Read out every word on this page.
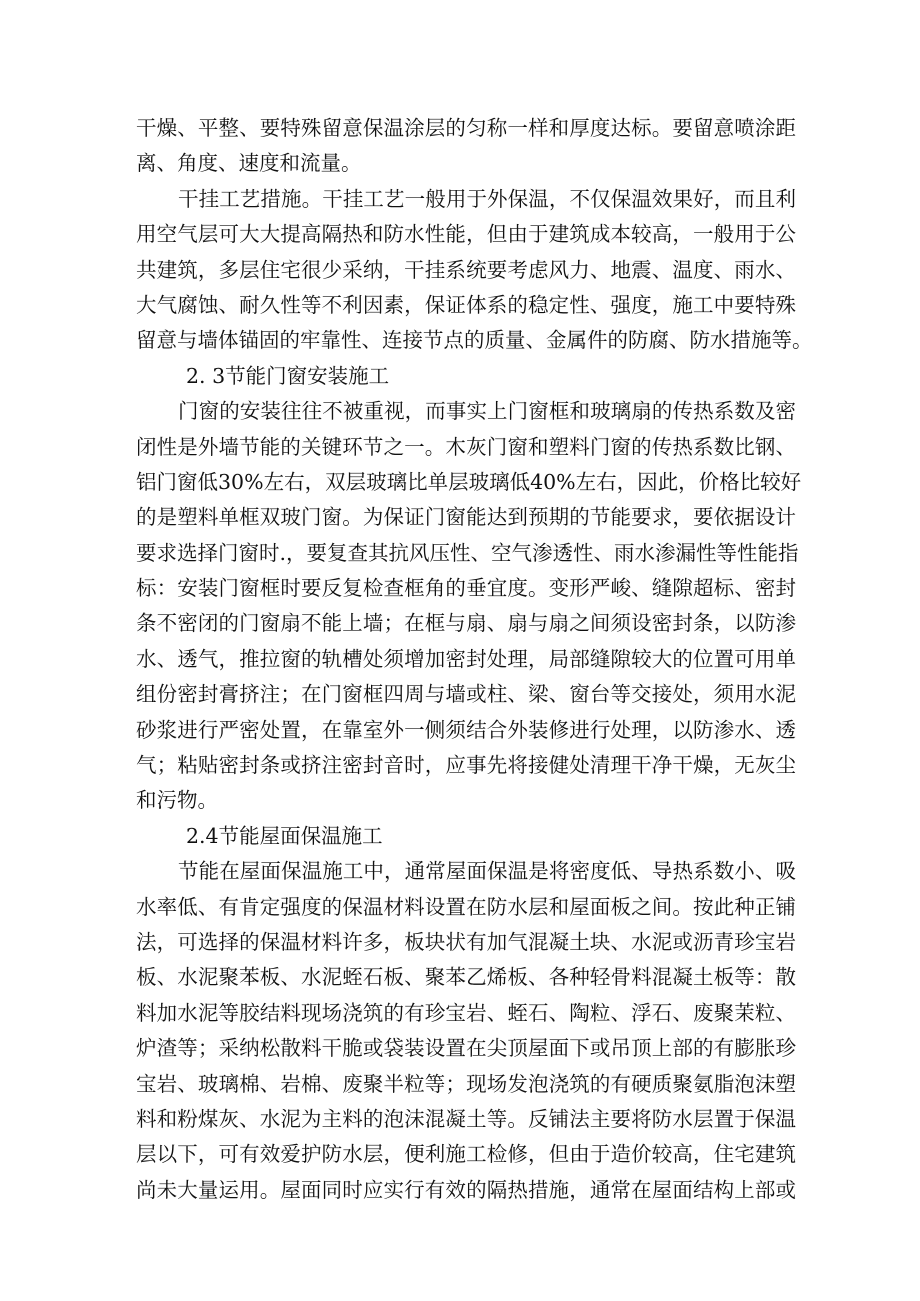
干燥、平整、要特殊留意保温涂层的匀称一样和厚度达标。要留意喷涂距
离、角度、速度和流量。
干挂工艺措施。干挂工艺一般用于外保温，不仅保温效果好，而且利
用空气层可大大提高隔热和防水性能，但由于建筑成本较高，一般用于公
共建筑，多层住宅很少采纳，干挂系统要考虑风力、地震、温度、雨水、
大气腐蚀、耐久性等不利因素，保证体系的稳定性、强度，施工中要特殊
留意与墙体锚固的牢靠性、连接节点的质量、金属件的防腐、防水措施等。
2. 3节能门窗安装施工
门窗的安装往往不被重视，而事实上门窗框和玻璃扇的传热系数及密
闭性是外墙节能的关键环节之一。木灰门窗和塑料门窗的传热系数比钢、
铝门窗低30%左右，双层玻璃比单层玻璃低40%左右，因此，价格比较好
的是塑料单框双玻门窗。为保证门窗能达到预期的节能要求，要依据设计
要求选择门窗时.，要复查其抗风压性、空气渗透性、雨水渗漏性等性能指
标：安装门窗框时要反复检查框角的垂宜度。变形严峻、缝隙超标、密封
条不密闭的门窗扇不能上墙；在框与扇、扇与扇之间须设密封条，以防渗
水、透气，推拉窗的轨槽处须增加密封处理，局部缝隙较大的位置可用单
组份密封膏挤注；在门窗框四周与墙或柱、梁、窗台等交接处，须用水泥
砂浆进行严密处置，在靠室外一侧须结合外装修进行处理，以防渗水、透
气；粘贴密封条或挤注密封音时，应事先将接健处清理干净干燥，无灰尘
和污物。
2.4节能屋面保温施工
节能在屋面保温施工中，通常屋面保温是将密度低、导热系数小、吸
水率低、有肯定强度的保温材料设置在防水层和屋面板之间。按此种正铺
法，可选择的保温材料许多，板块状有加气混凝土块、水泥或沥青珍宝岩
板、水泥聚苯板、水泥蛭石板、聚苯乙烯板、各种轻骨料混凝土板等：散
料加水泥等胶结料现场浇筑的有珍宝岩、蛭石、陶粒、浮石、废聚茉粒、
炉渣等；采纳松散料干脆或袋装设置在尖顶屋面下或吊顶上部的有膨胀珍
宝岩、玻璃棉、岩棉、废聚半粒等；现场发泡浇筑的有硬质聚氨脂泡沫塑
料和粉煤灰、水泥为主料的泡沫混凝土等。反铺法主要将防水层置于保温
层以下，可有效爱护防水层，便利施工检修，但由于造价较高，住宅建筑
尚未大量运用。屋面同时应实行有效的隔热措施，通常在屋面结构上部或
